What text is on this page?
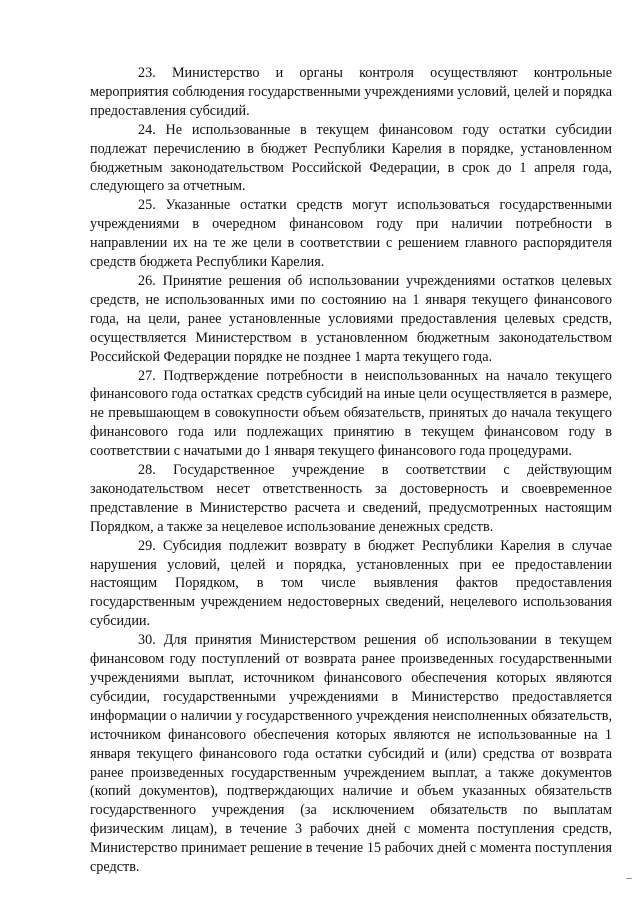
23. Министерство и органы контроля осуществляют контрольные мероприятия соблюдения государственными учреждениями условий, целей и порядка предоставления субсидий.

24. Не использованные в текущем финансовом году остатки субсидии подлежат перечислению в бюджет Республики Карелия в порядке, установленном бюджетным законодательством Российской Федерации, в срок до 1 апреля года, следующего за отчетным.

25. Указанные остатки средств могут использоваться государственными учреждениями в очередном финансовом году при наличии потребности в направлении их на те же цели в соответствии с решением главного распорядителя средств бюджета Республики Карелия.

26. Принятие решения об использовании учреждениями остатков целевых средств, не использованных ими по состоянию на 1 января текущего финансового года, на цели, ранее установленные условиями предоставления целевых средств, осуществляется Министерством в установленном бюджетным законодательством Российской Федерации порядке не позднее 1 марта текущего года.

27. Подтверждение потребности в неиспользованных на начало текущего финансового года остатках средств субсидий на иные цели осуществляется в размере, не превышающем в совокупности объем обязательств, принятых до начала текущего финансового года или подлежащих принятию в текущем финансовом году в соответствии с начатыми до 1 января текущего финансового года процедурами.

28. Государственное учреждение в соответствии с действующим законодательством несет ответственность за достоверность и своевременное представление в Министерство расчета и сведений, предусмотренных настоящим Порядком, а также за нецелевое использование денежных средств.

29. Субсидия подлежит возврату в бюджет Республики Карелия в случае нарушения условий, целей и порядка, установленных при ее предоставлении настоящим Порядком, в том числе выявления фактов предоставления государственным учреждением недостоверных сведений, нецелевого использования субсидии.

30. Для принятия Министерством решения об использовании в текущем финансовом году поступлений от возврата ранее произведенных государственными учреждениями выплат, источником финансового обеспечения которых являются субсидии, государственными учреждениями в Министерство предоставляется информации о наличии у государственного учреждения неисполненных обязательств, источником финансового обеспечения которых являются не использованные на 1 января текущего финансового года остатки субсидий и (или) средства от возврата ранее произведенных государственным учреждением выплат, а также документов (копий документов), подтверждающих наличие и объем указанных обязательств государственного учреждения (за исключением обязательств по выплатам физическим лицам), в течение 3 рабочих дней с момента поступления средств, Министерство принимает решение в течение 15 рабочих дней с момента поступления средств.
